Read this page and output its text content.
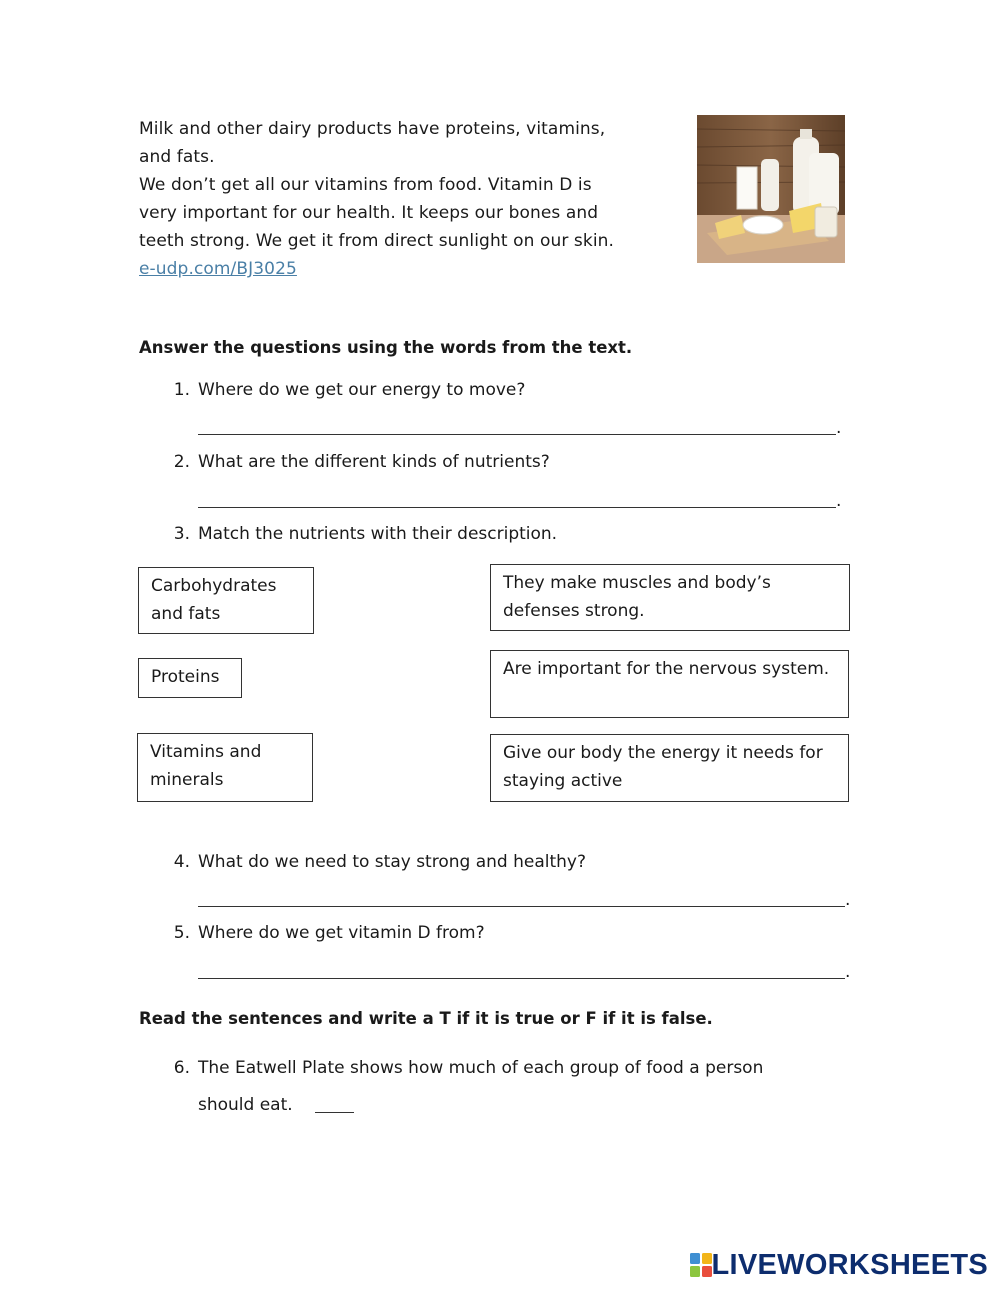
Milk and other dairy products have proteins, vitamins,

and fats.

We don’t get all our vitamins from food. Vitamin D is

very important for our health. It keeps our bones and

teeth strong. We get it from direct sunlight on our skin.

e-udp.com/BJ3025

Answer the questions using the words from the text.
1. Where do we get our energy to move?
.
2. What are the different kinds of nutrients?
.
3. Match the nutrients with their description.
Carbohydrates and fats
Proteins
Vitamins and minerals
They make muscles and body’s defenses strong.
Are important for the nervous system.
Give our body the energy it needs for staying active
4. What do we need to stay strong and healthy?
.
5. Where do we get vitamin D from?
.
Read the sentences and write a T if it is true or F if it is false.
6. The Eatwell Plate shows how much of each group of food a person
should eat.
LIVEWORKSHEETS
